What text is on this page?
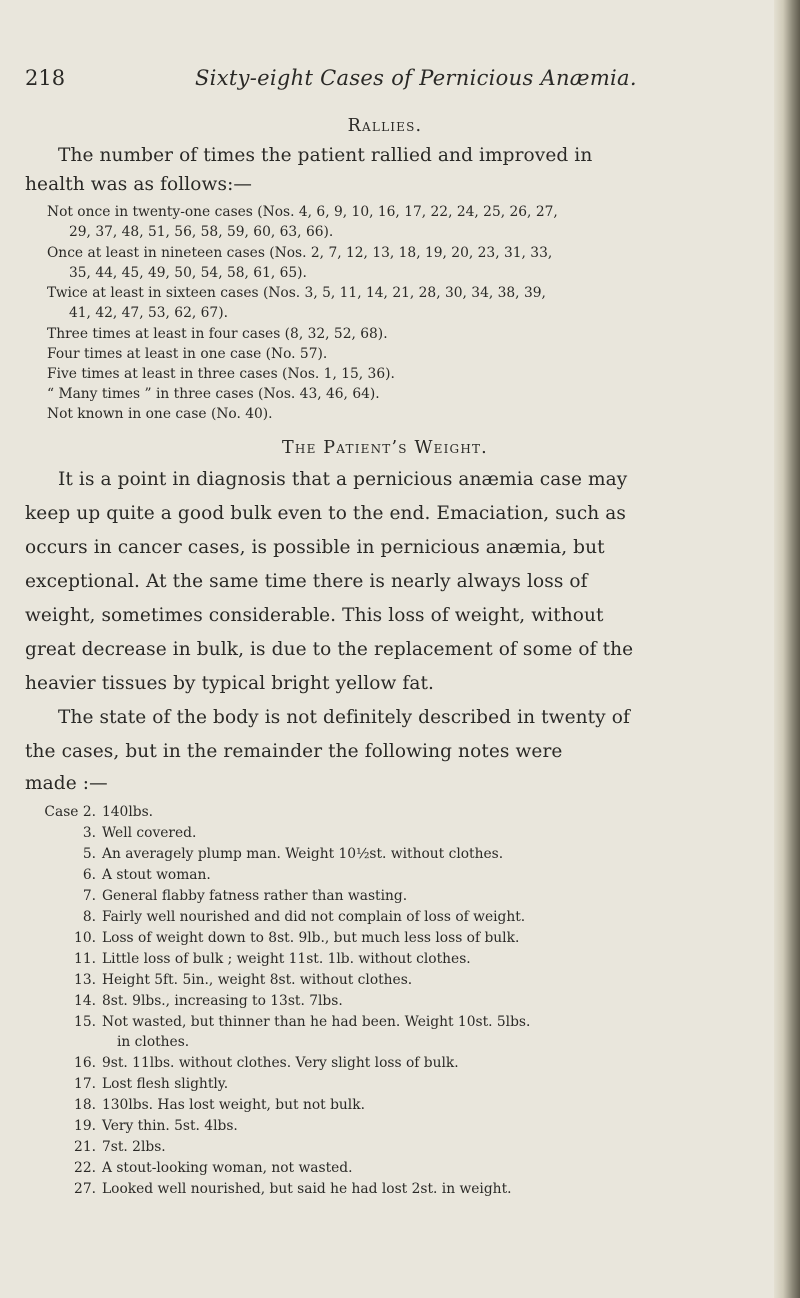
218	Sixty-eight Cases of Pernicious Anæmia.
Rallies.
The number of times the patient rallied and improved in
health was as follows:—
Not once in twenty-one cases (Nos. 4, 6, 9, 10, 16, 17, 22, 24, 25, 26, 27,
29, 37, 48, 51, 56, 58, 59, 60, 63, 66).
Once at least in nineteen cases (Nos. 2, 7, 12, 13, 18, 19, 20, 23, 31, 33,
35, 44, 45, 49, 50, 54, 58, 61, 65).
Twice at least in sixteen cases (Nos. 3, 5, 11, 14, 21, 28, 30, 34, 38, 39,
41, 42, 47, 53, 62, 67).
Three times at least in four cases (8, 32, 52, 68).
Four times at least in one case (No. 57).
Five times at least in three cases (Nos. 1, 15, 36).
“ Many times ” in three cases (Nos. 43, 46, 64).
Not known in one case (No. 40).
The Patient’s Weight.
It is a point in diagnosis that a pernicious anæmia case may
keep up quite a good bulk even to the end. Emaciation, such as
occurs in cancer cases, is possible in pernicious anæmia, but
exceptional. At the same time there is nearly always loss of
weight, sometimes considerable. This loss of weight, without
great decrease in bulk, is due to the replacement of some of the
heavier tissues by typical bright yellow fat.
The state of the body is not definitely described in twenty of
the cases, but in the remainder the following notes were
made :—
Case 2. 140lbs.
3. Well covered.
5. An averagely plump man. Weight 10½st. without clothes.
6. A stout woman.
7. General flabby fatness rather than wasting.
8. Fairly well nourished and did not complain of loss of weight.
10. Loss of weight down to 8st. 9lb., but much less loss of bulk.
11. Little loss of bulk ; weight 11st. 1lb. without clothes.
13. Height 5ft. 5in., weight 8st. without clothes.
14. 8st. 9lbs., increasing to 13st. 7lbs.
15. Not wasted, but thinner than he had been. Weight 10st. 5lbs.
in clothes.
16. 9st. 11lbs. without clothes. Very slight loss of bulk.
17. Lost flesh slightly.
18. 130lbs. Has lost weight, but not bulk.
19. Very thin. 5st. 4lbs.
21. 7st. 2lbs.
22. A stout-looking woman, not wasted.
27. Looked well nourished, but said he had lost 2st. in weight.
